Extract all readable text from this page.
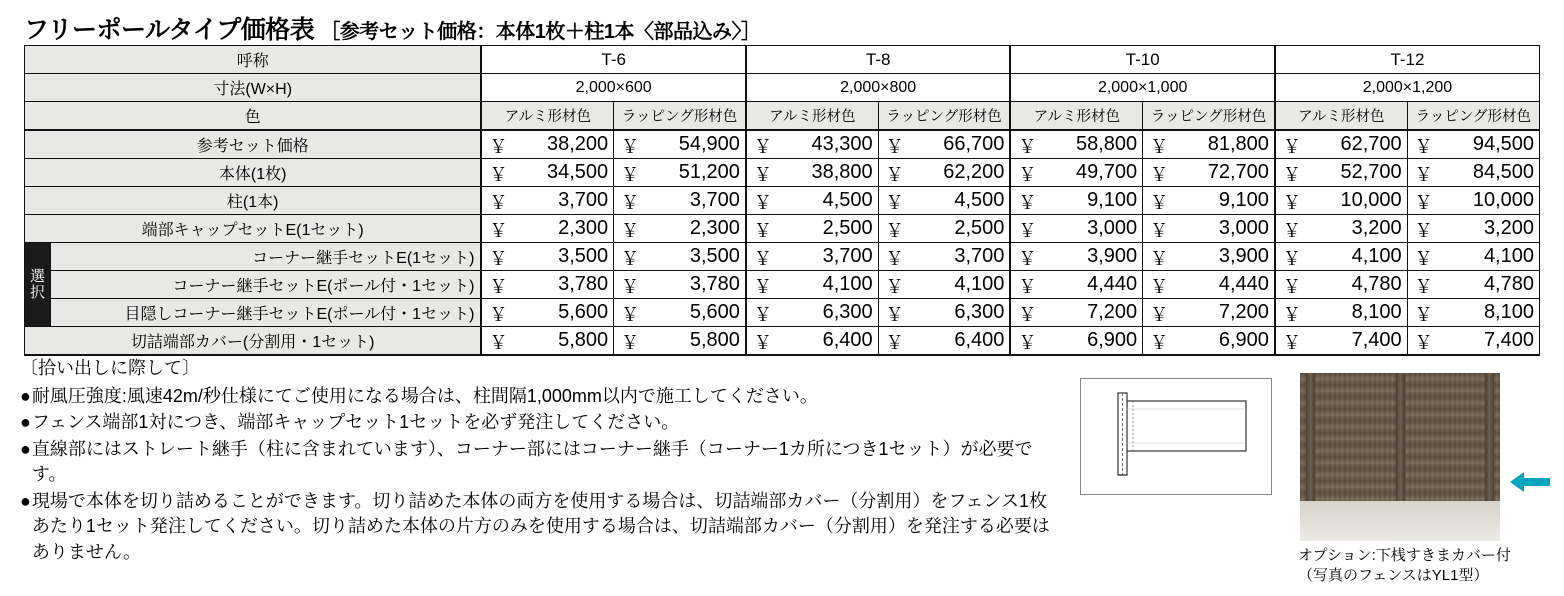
フリーポールタイプ価格表 ［参考セット価格：本体1枚＋柱1本〈部品込み〉］
呼称		T-6		T-8		T-10		T-12	
寸法(W×H)		2,000×600		2,000×800		2,000×1,000		2,000×1,200	
色		アルミ形材色	ラッピング形材色	アルミ形材色	ラッピング形材色	アルミ形材色	ラッピング形材色	アルミ形材色	ラッピング形材色
参考セット価格		￥ 38,200	￥ 54,900	￥ 43,300	￥ 66,700	￥ 58,800	￥ 81,800	￥ 62,700	￥ 94,500

本体(1枚)		￥ 34,500	￥ 51,200	￥ 38,800	￥ 62,200	￥ 49,700	￥ 72,700	￥ 52,700	￥ 84,500

柱(1本)		￥ 3,700	￥ 3,700	￥ 4,500	￥ 4,500	￥ 9,100	￥ 9,100	￥ 10,000	￥ 10,000

端部キャップセットE(1セット)		￥ 2,300	￥ 2,300	￥ 2,500	￥ 2,500	￥ 3,000	￥ 3,000	￥ 3,200	￥ 3,200

選
択	コーナー継手セットE(1セット)	￥ 3,500	￥ 3,500	￥ 3,700	￥ 3,700	￥ 3,900	￥ 3,900	￥ 4,100	￥ 4,100

	コーナー継手セットE(ポール付・1セット)	￥ 3,780	￥ 3,780	￥ 4,100	￥ 4,100	￥ 4,440	￥ 4,440	￥ 4,780	￥ 4,780

	目隠しコーナー継手セットE(ポール付・1セット)	￥ 5,600	￥ 5,600	￥ 6,300	￥ 6,300	￥ 7,200	￥ 7,200	￥ 8,100	￥ 8,100

切詰端部カバー(分割用・1セット)		￥ 5,800	￥ 5,800	￥ 6,400	￥ 6,400	￥ 6,900	￥ 6,900	￥ 7,400	￥ 7,400
〔拾い出しに際して〕
● 耐風圧強度:風速42m/秒仕様にてご使用になる場合は、柱間隔1,000mm以内で施工してください。
● フェンス端部1対につき、端部キャップセット1セットを必ず発注してください。
● 直線部にはストレート継手（柱に含まれています）、コーナー部にはコーナー継手（コーナー1カ所につき1セット）が必要です。
● 現場で本体を切り詰めることができます。切り詰めた本体の両方を使用する場合は、切詰端部カバー（分割用）をフェンス1枚あたり1セット発注してください。切り詰めた本体の片方のみを使用する場合は、切詰端部カバー（分割用）を発注する必要はありません。	オプション:下桟すきまカバー付
（写真のフェンスはYL1型）
